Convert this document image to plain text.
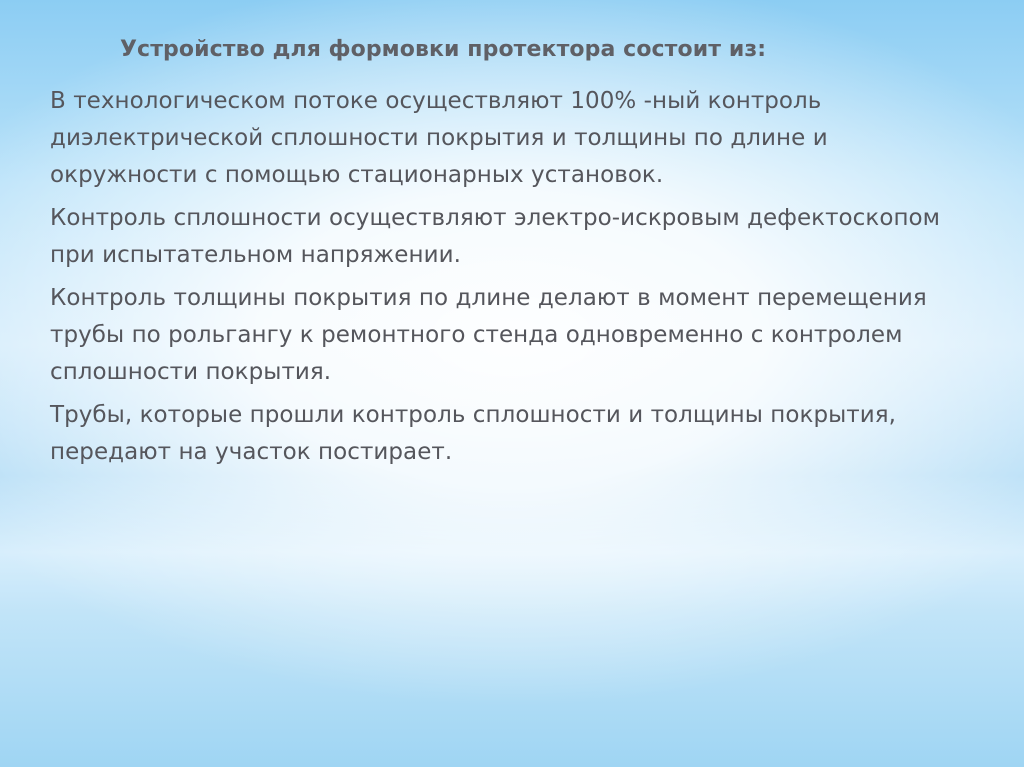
Устройство для формовки протектора состоит из:

В технологическом потоке осуществляют 100% -ный контроль диэлектрической сплошности покрытия и толщины по длине и окружности с помощью стационарных установок.

Контроль сплошности осуществляют электро-искровым дефектоскопом при испытательном напряжении.

Контроль толщины покрытия по длине делают в момент перемещения трубы по рольгангу к ремонтного стенда одновременно с контролем сплошности покрытия.

Трубы, которые прошли контроль сплошности и толщины покрытия, передают на участок постирает.
